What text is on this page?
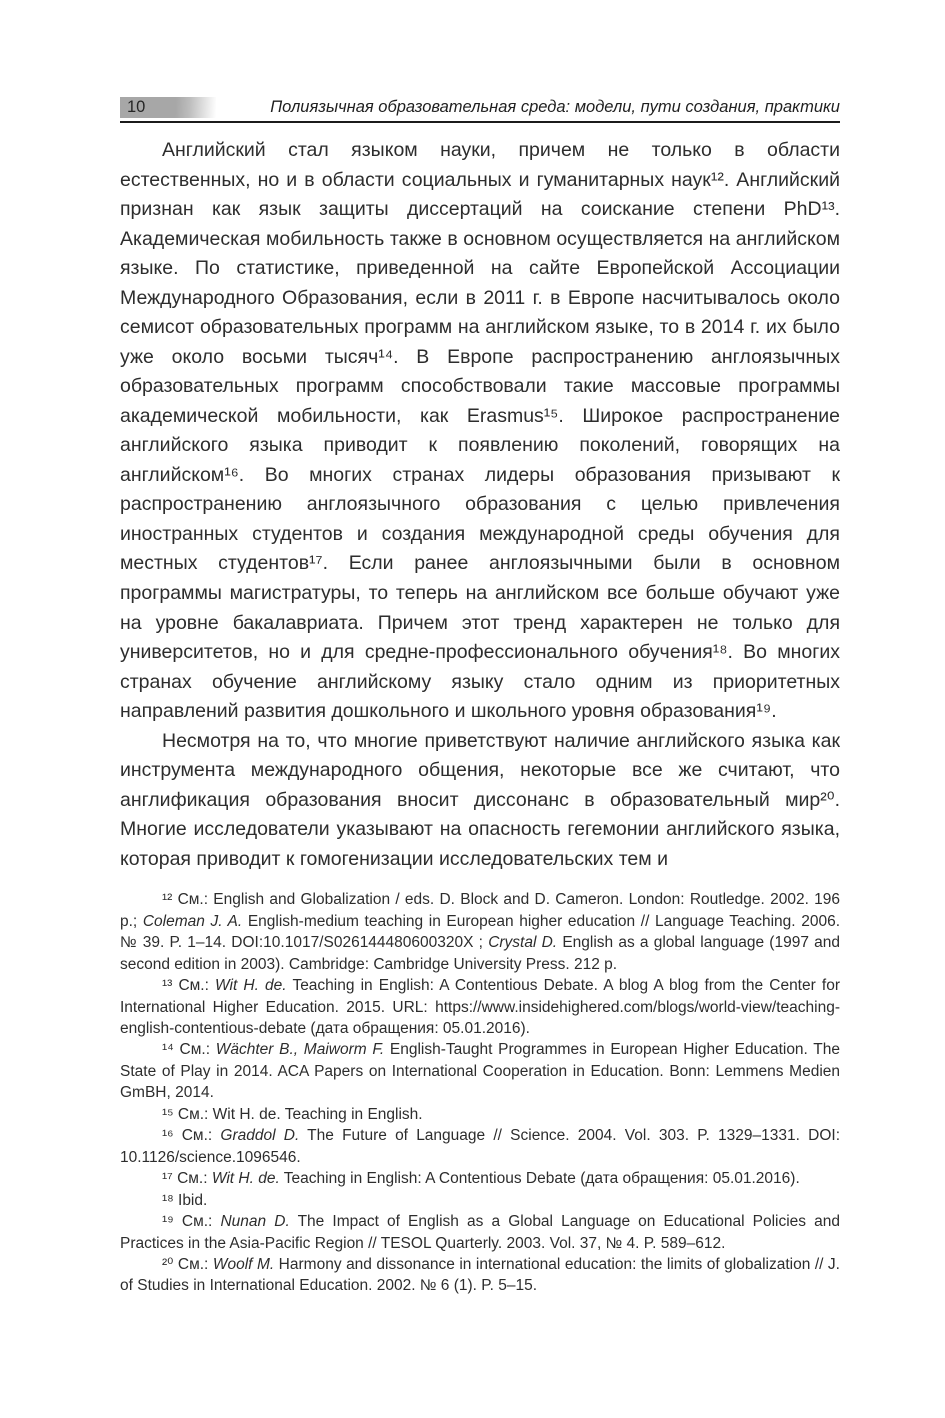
10	Полиязычная образовательная среда: модели, пути создания, практики

Английский стал языком науки, причем не только в области естественных, но и в области социальных и гуманитарных наук¹². Английский признан как язык защиты диссертаций на соискание степени PhD¹³. Академическая мобильность также в основном осуществляется на английском языке. По статистике, приведенной на сайте Европейской Ассоциации Международного Образования, если в 2011 г. в Европе насчитывалось около семисот образовательных программ на английском языке, то в 2014 г. их было уже около восьми тысяч¹⁴. В Европе распространению англоязычных образовательных программ способствовали такие массовые программы академической мобильности, как Erasmus¹⁵. Широкое распространение английского языка приводит к появлению поколений, говорящих на английском¹⁶. Во многих странах лидеры образования призывают к распространению англоязычного образования с целью привлечения иностранных студентов и создания международной среды обучения для местных студентов¹⁷. Если ранее англоязычными были в основном программы магистратуры, то теперь на английском все больше обучают уже на уровне бакалавриата. Причем этот тренд характерен не только для университетов, но и для средне-профессионального обучения¹⁸. Во многих странах обучение английскому языку стало одним из приоритетных направлений развития дошкольного и школьного уровня образования¹⁹.

Несмотря на то, что многие приветствуют наличие английского языка как инструмента международного общения, некоторые все же считают, что англификация образования вносит диссонанс в образовательный мир²⁰. Многие исследователи указывают на опасность гегемонии английского языка, которая приводит к гомогенизации исследовательских тем и

¹² См.: English and Globalization / eds. D. Block and D. Cameron. London: Routledge. 2002. 196 p.; Coleman J. A. English-medium teaching in European higher education // Language Teaching. 2006. № 39. P. 1–14. DOI:10.1017/S026144480600320X ; Crystal D. English as a global language (1997 and second edition in 2003). Cambridge: Cambridge University Press. 212 p.

¹³ См.: Wit H. de. Teaching in English: A Contentious Debate. A blog A blog from the Center for International Higher Education. 2015. URL: https://www.insidehighered.com/blogs/world-view/teaching-english-contentious-debate (дата обращения: 05.01.2016).

¹⁴ См.: Wächter B., Maiworm F. English-Taught Programmes in European Higher Education. The State of Play in 2014. ACA Papers on International Cooperation in Education. Bonn: Lemmens Medien GmBH, 2014.

¹⁵ См.: Wit H. de. Teaching in English.

¹⁶ См.: Graddol D. The Future of Language // Science. 2004. Vol. 303. P. 1329–1331. DOI: 10.1126/science.1096546.

¹⁷ См.: Wit H. de. Teaching in English: A Contentious Debate (дата обращения: 05.01.2016).

¹⁸ Ibid.

¹⁹ См.: Nunan D. The Impact of English as a Global Language on Educational Policies and Practices in the Asia-Pacific Region // TESOL Quarterly. 2003. Vol. 37, № 4. P. 589–612.

²⁰ См.: Woolf M. Harmony and dissonance in international education: the limits of globalization // J. of Studies in International Education. 2002. № 6 (1). P. 5–15.
